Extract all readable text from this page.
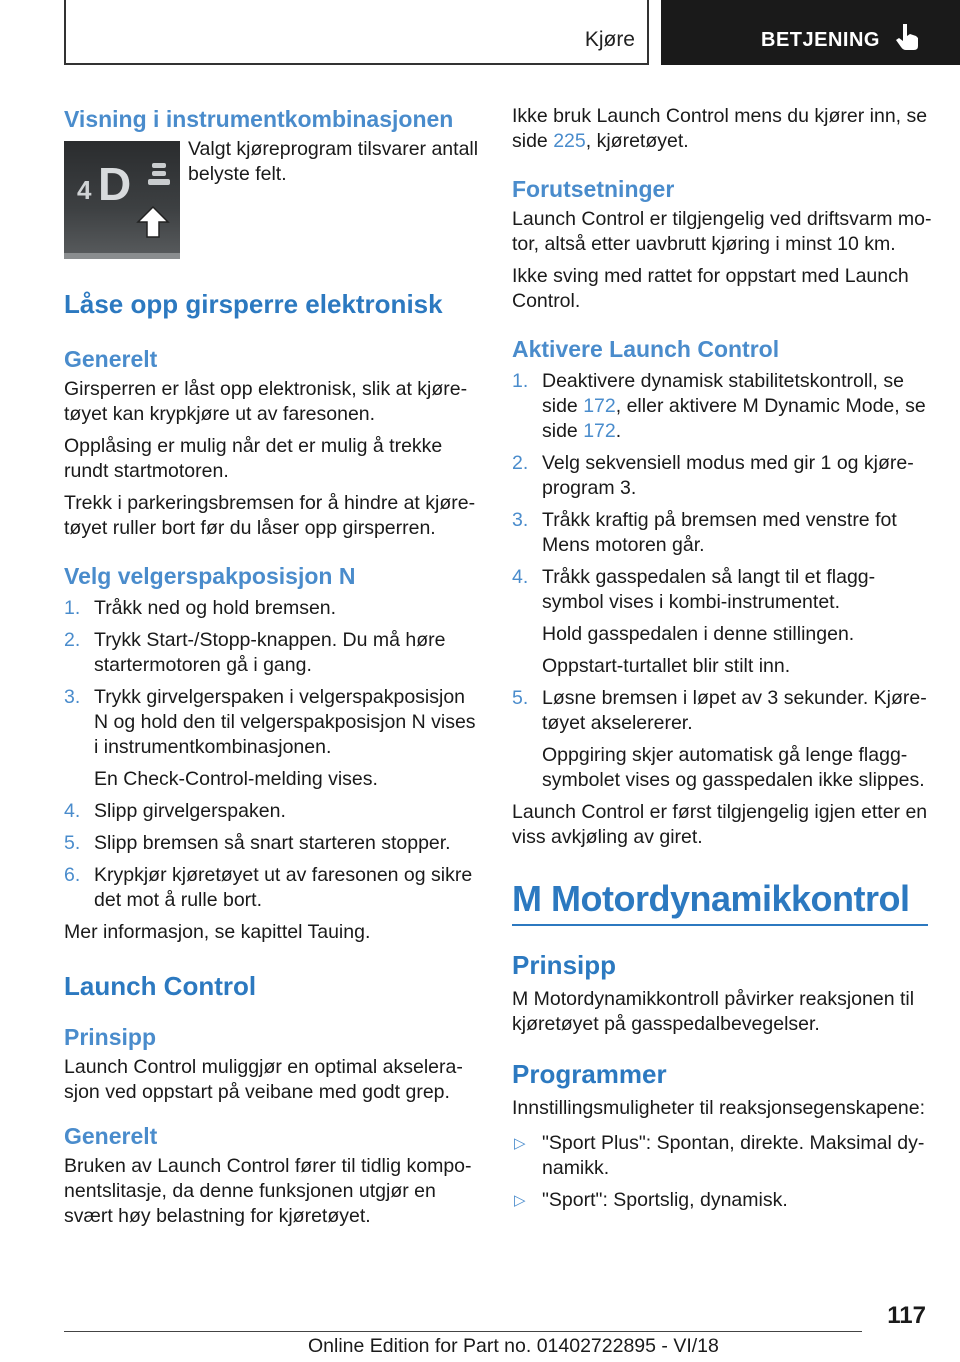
Kjøre	BETJENING
Visning i instrumentkombinasjonen
4 D

Valgt kjøreprogram tilsvarer antall belyste felt.

Låse opp girsperre elektronisk
Generelt

Girsperren er låst opp elektronisk, slik at kjøre-tøyet kan krypkjøre ut av faresonen.

Opplåsing er mulig når det er mulig å trekke rundt startmotoren.

Trekk i parkeringsbremsen for å hindre at kjøre-tøyet ruller bort før du låser opp girsperren.

Velg velgerspakposisjon N
1. Tråkk ned og hold bremsen.
2. Trykk Start-/Stopp-knappen. Du må høre startermotoren gå i gang.
3. Trykk girvelgerspaken i velgerspakposisjon N og hold den til velgerspakposisjon N vises i instrumentkombinasjonen.

En Check-Control-melding vises.

4. Slipp girvelgerspaken.
5. Slipp bremsen så snart starteren stopper.
6. Krypkjør kjøretøyet ut av faresonen og sikre det mot å rulle bort.

Mer informasjon, se kapittel Tauing.

Launch Control
Prinsipp

Launch Control muliggjør en optimal akselera-sjon ved oppstart på veibane med godt grep.

Generelt

Bruken av Launch Control fører til tidlig kompo-nentslitasje, da denne funksjonen utgjør en svært høy belastning for kjøretøyet.

Ikke bruk Launch Control mens du kjører inn, se side 225, kjøretøyet.

Forutsetninger

Launch Control er tilgjengelig ved driftsvarm mo-tor, altså etter uavbrutt kjøring i minst 10 km.

Ikke sving med rattet for oppstart med Launch Control.

Aktivere Launch Control
1. Deaktivere dynamisk stabilitetskontroll, se side 172, eller aktivere M Dynamic Mode, se side 172.
2. Velg sekvensiell modus med gir 1 og kjøre-program 3.
3. Tråkk kraftig på bremsen med venstre fot Mens motoren går.
4. Tråkk gasspedalen så langt til et flagg-symbol vises i kombi-instrumentet.

Hold gasspedalen i denne stillingen.

Oppstart-turtallet blir stilt inn.

5. Løsne bremsen i løpet av 3 sekunder. Kjøre-tøyet akselererer.

Oppgiring skjer automatisk gå lenge flagg-symbolet vises og gasspedalen ikke slippes.

Launch Control er først tilgjengelig igjen etter en viss avkjøling av giret.

M Motordynamikkontrol
Prinsipp

M Motordynamikkontroll påvirker reaksjonen til kjøretøyet på gasspedalbevegelser.

Programmer

Innstillingsmuligheter til reaksjonsegenskapene:

▷ "Sport Plus": Spontan, direkte. Maksimal dy-namikk.
▷ "Sport": Sportslig, dynamisk.
117
Online Edition for Part no. 01402722895 - VI/18
